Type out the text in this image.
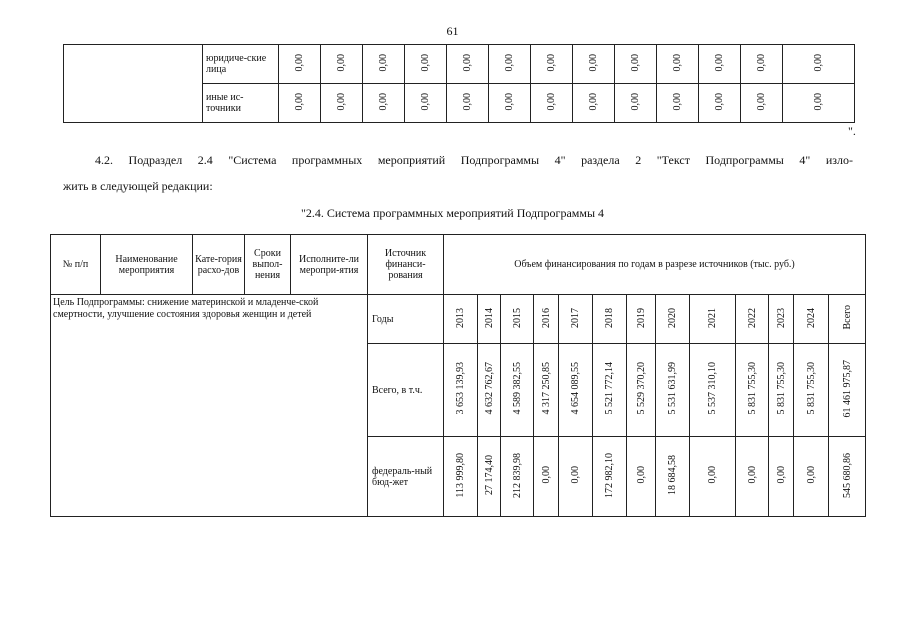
61
	юридиче-ские лица	0,00	0,00	0,00	0,00	0,00	0,00	0,00	0,00	0,00	0,00	0,00	0,00	0,00
	иные ис-точники	0,00	0,00	0,00	0,00	0,00	0,00	0,00	0,00	0,00	0,00	0,00	0,00	0,00
".
4.2. Подраздел 2.4 "Система программных мероприятий Подпрограммы 4" раздела 2 "Текст Подпрограммы 4" изло-
жить в следующей редакции:
"2.4. Система программных мероприятий Подпрограммы 4
№ п/п	Наименование мероприятия	Кате-гория расхо-дов	Сроки выпол-нения	Исполните-ли меропри-ятия	Источник финанси-рования	Объем финансирования по годам в разрезе источников (тыс. руб.)												
Цель Подпрограммы: снижение материнской и младенче-ской смертности, улучшение состояния здоровья женщин и детей					Годы	2013	2014	2015	2016	2017	2018	2019	2020	2021	2022	2023	2024	Всего
					Всего, в т.ч.	3 653 139,93	4 632 762,67	4 589 382,55	4 317 250,85	4 654 089,55	5 521 772,14	5 529 370,20	5 531 631,99	5 537 310,10	5 831 755,30	5 831 755,30	5 831 755,30	61 461 975,87
					федераль-ный бюд-жет	113 999,80	27 174,40	212 839,98	0,00	0,00	172 982,10	0,00	18 684,58	0,00	0,00	0,00	0,00	545 680,86
